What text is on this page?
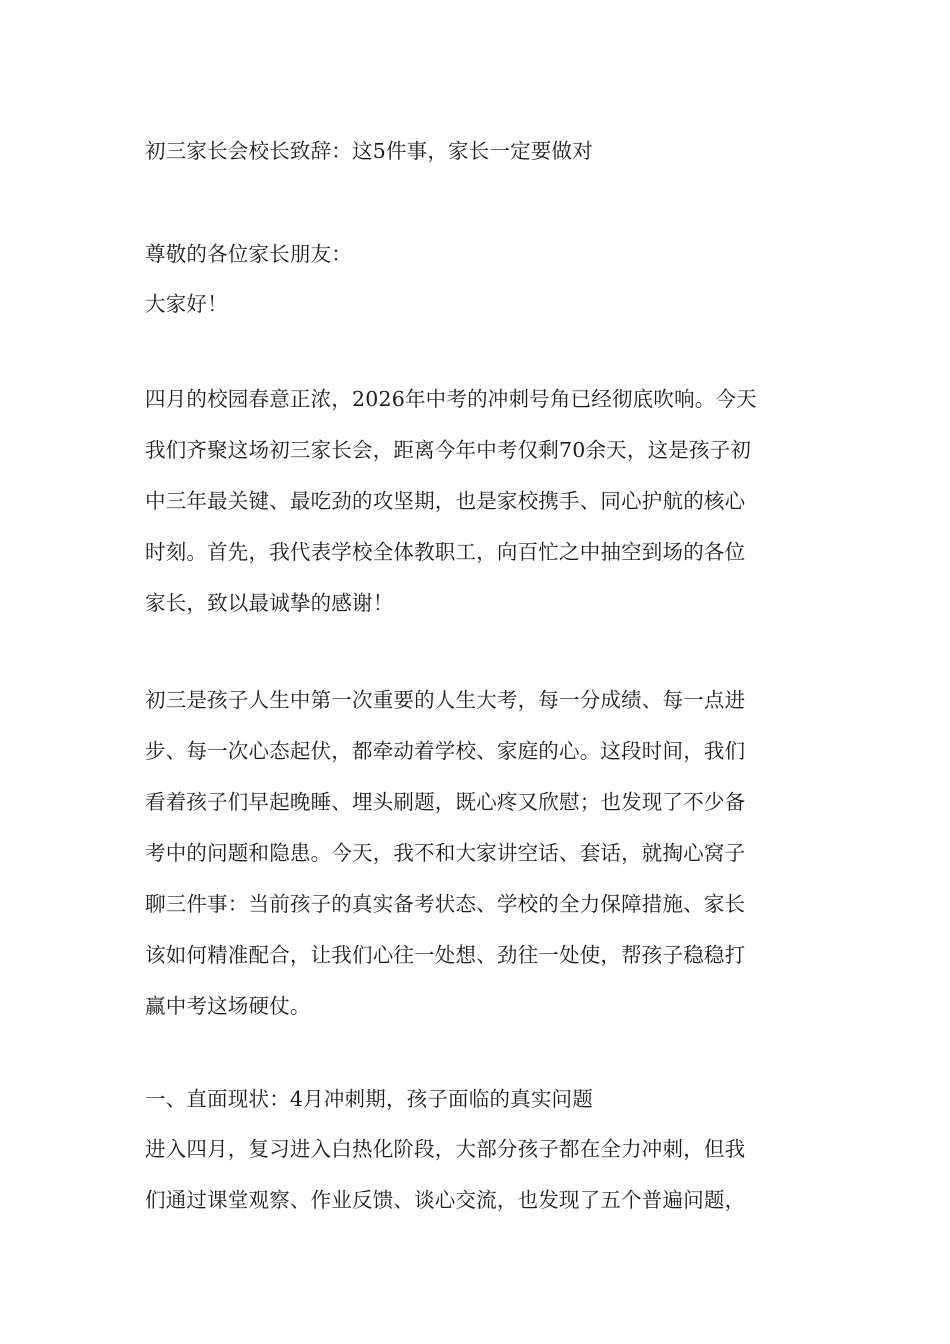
初三家长会校长致辞：这5件事，家长一定要做对
尊敬的各位家长朋友：
大家好！
四月的校园春意正浓，2026年中考的冲刺号角已经彻底吹响。今天
我们齐聚这场初三家长会，距离今年中考仅剩70余天，这是孩子初
中三年最关键、最吃劲的攻坚期，也是家校携手、同心护航的核心
时刻。首先，我代表学校全体教职工，向百忙之中抽空到场的各位
家长，致以最诚挚的感谢！
初三是孩子人生中第一次重要的人生大考，每一分成绩、每一点进
步、每一次心态起伏，都牵动着学校、家庭的心。这段时间，我们
看着孩子们早起晚睡、埋头刷题，既心疼又欣慰；也发现了不少备
考中的问题和隐患。今天，我不和大家讲空话、套话，就掏心窝子
聊三件事：当前孩子的真实备考状态、学校的全力保障措施、家长
该如何精准配合，让我们心往一处想、劲往一处使，帮孩子稳稳打
赢中考这场硬仗。
一、直面现状：4月冲刺期，孩子面临的真实问题
进入四月，复习进入白热化阶段，大部分孩子都在全力冲刺，但我
们通过课堂观察、作业反馈、谈心交流，也发现了五个普遍问题，
